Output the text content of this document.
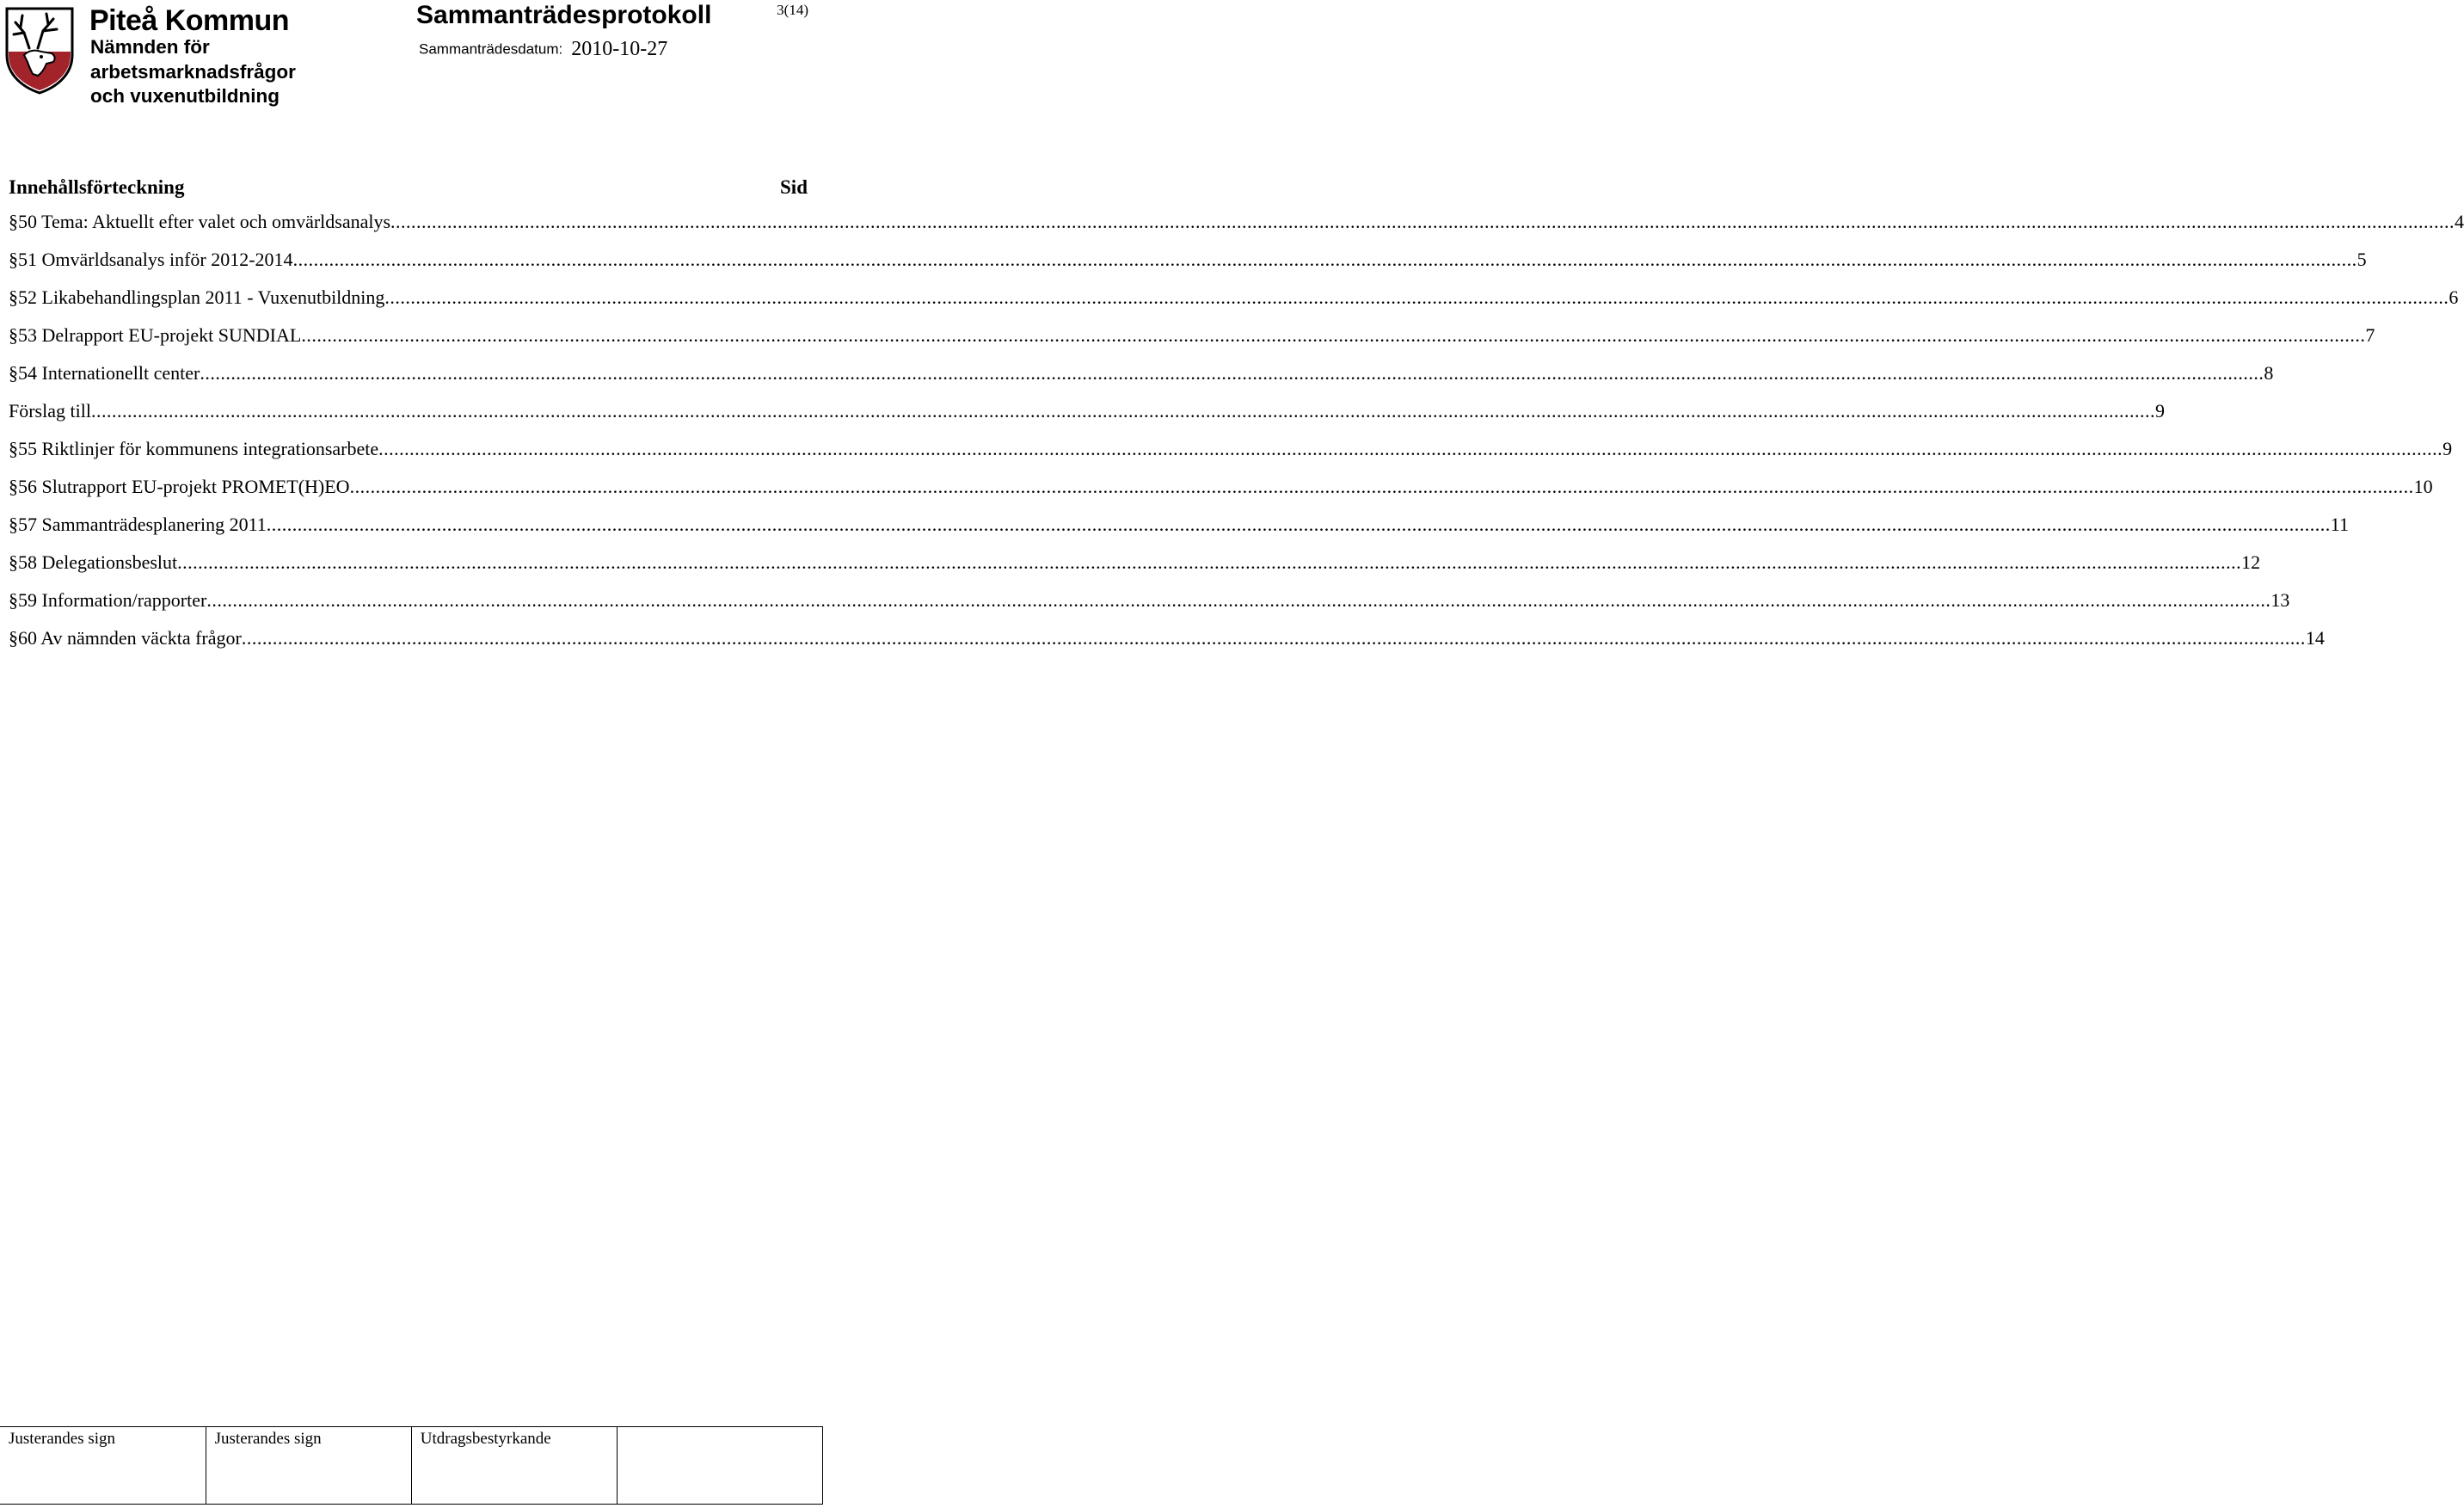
Piteå Kommun
Nämnden för
arbetsmarknadsfrågor
och vuxenutbildning
Sammanträdesprotokoll	3(14)
Sammanträdesdatum: 2010-10-27
Innehållsförteckning	Sid
§50 Tema: Aktuellt efter valet och omvärldsanalys ................................................................................................................................................................................................................................................................................................................................................................................................................ 4
§51 Omvärldsanalys inför 2012-2014 ................................................................................................................................................................................................................................................................................................................................................................................................................ 5
§52 Likabehandlingsplan 2011 - Vuxenutbildning ................................................................................................................................................................................................................................................................................................................................................................................................................ 6
§53 Delrapport EU-projekt SUNDIAL ................................................................................................................................................................................................................................................................................................................................................................................................................ 7
§54 Internationellt center ................................................................................................................................................................................................................................................................................................................................................................................................................ 8
Förslag till ................................................................................................................................................................................................................................................................................................................................................................................................................ 9
§55 Riktlinjer för kommunens integrationsarbete ................................................................................................................................................................................................................................................................................................................................................................................................................ 9
§56 Slutrapport EU-projekt PROMET(H)EO ................................................................................................................................................................................................................................................................................................................................................................................................................ 10
§57 Sammanträdesplanering 2011 ................................................................................................................................................................................................................................................................................................................................................................................................................ 11
§58 Delegationsbeslut ................................................................................................................................................................................................................................................................................................................................................................................................................ 12
§59 Information/rapporter ................................................................................................................................................................................................................................................................................................................................................................................................................ 13
§60 Av nämnden väckta frågor ................................................................................................................................................................................................................................................................................................................................................................................................................ 14
Justerandes sign	Justerandes sign	Utdragsbestyrkande	
